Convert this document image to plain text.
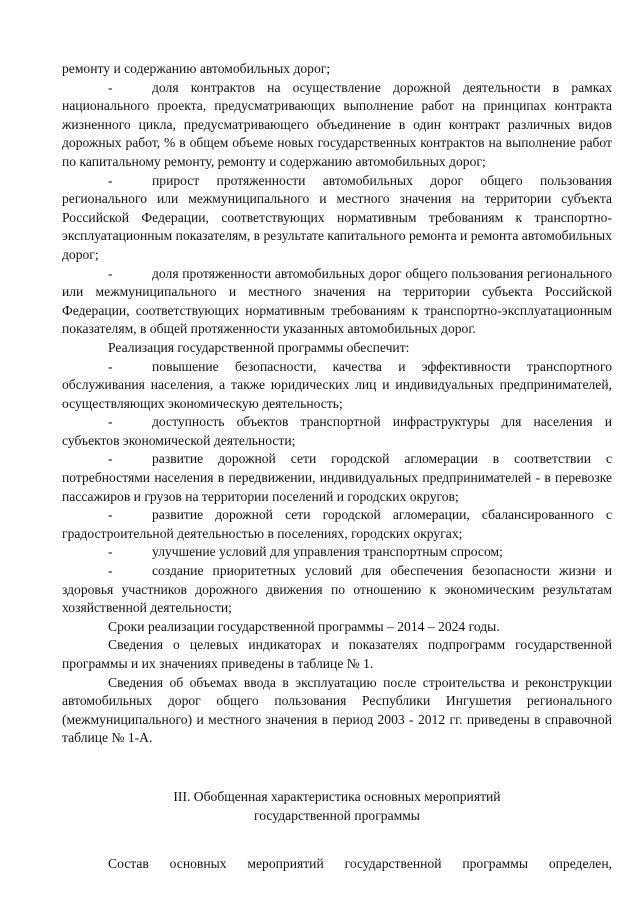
ремонту и содержанию автомобильных дорог;

-	доля контрактов на осуществление дорожной деятельности в рамках национального проекта, предусматривающих выполнение работ на принципах контракта жизненного цикла, предусматривающего объединение в один контракт различных видов дорожных работ, % в общем объеме новых государственных контрактов на выполнение работ по капитальному ремонту, ремонту и содержанию автомобильных дорог;

-	прирост протяженности автомобильных дорог общего пользования регионального или межмуниципального и местного значения на территории субъекта Российской Федерации, соответствующих нормативным требованиям к транспортно-эксплуатационным показателям, в результате капитального ремонта и ремонта автомобильных дорог;

-	доля протяженности автомобильных дорог общего пользования регионального или межмуниципального и местного значения на территории субъекта Российской Федерации, соответствующих нормативным требованиям к транспортно-эксплуатационным показателям, в общей протяженности указанных автомобильных дорог.

Реализация государственной программы обеспечит:

-	повышение безопасности, качества и эффективности транспортного обслуживания населения, а также юридических лиц и индивидуальных предпринимателей, осуществляющих экономическую деятельность;

-	доступность объектов транспортной инфраструктуры для населения и субъектов экономической деятельности;

-	развитие дорожной сети городской агломерации в соответствии с потребностями населения в передвижении, индивидуальных предпринимателей - в перевозке пассажиров и грузов на территории поселений и городских округов;

-	развитие дорожной сети городской агломерации, сбалансированного с градостроительной деятельностью в поселениях, городских округах;

-	улучшение условий для управления транспортным спросом;

-	создание приоритетных условий для обеспечения безопасности жизни и здоровья участников дорожного движения по отношению к экономическим результатам хозяйственной деятельности;

Сроки реализации государственной программы – 2014 – 2024 годы.

Сведения о целевых индикаторах и показателях подпрограмм государственной программы и их значениях приведены в таблице № 1.

Сведения об объемах ввода в эксплуатацию после строительства и реконструкции автомобильных дорог общего пользования Республики Ингушетия регионального (межмуниципального) и местного значения в период 2003 - 2012 гг. приведены в справочной таблице № 1-А.

III. Обобщенная характеристика основных мероприятий

государственной программы

Состав основных мероприятий государственной программы определен,
